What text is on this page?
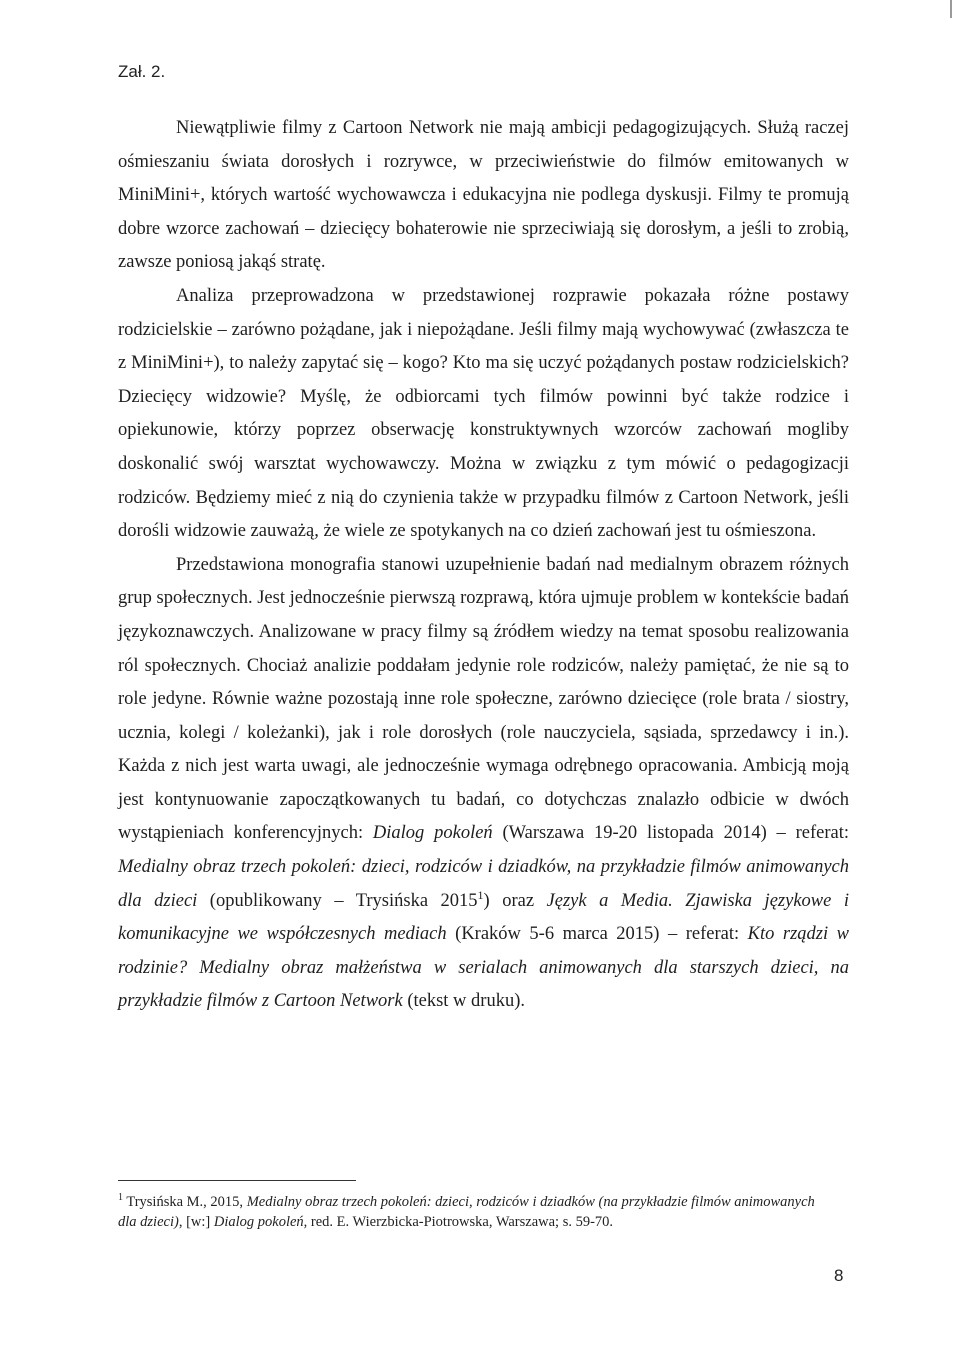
Zał. 2.

Niewątpliwie filmy z Cartoon Network nie mają ambicji pedagogizujących. Służą raczej ośmieszaniu świata dorosłych i rozrywce, w przeciwieństwie do filmów emitowanych w MiniMini+, których wartość wychowawcza i edukacyjna nie podlega dyskusji. Filmy te promują dobre wzorce zachowań – dziecięcy bohaterowie nie sprzeciwiają się dorosłym, a jeśli to zrobią, zawsze poniosą jakąś stratę.

Analiza przeprowadzona w przedstawionej rozprawie pokazała różne postawy rodzicielskie – zarówno pożądane, jak i niepożądane. Jeśli filmy mają wychowywać (zwłaszcza te z MiniMini+), to należy zapytać się – kogo? Kto ma się uczyć pożądanych postaw rodzicielskich? Dziecięcy widzowie? Myślę, że odbiorcami tych filmów powinni być także rodzice i opiekunowie, którzy poprzez obserwację konstruktywnych wzorców zachowań mogliby doskonalić swój warsztat wychowawczy. Można w związku z tym mówić o pedagogizacji rodziców. Będziemy mieć z nią do czynienia także w przypadku filmów z Cartoon Network, jeśli dorośli widzowie zauważą, że wiele ze spotykanych na co dzień zachowań jest tu ośmieszona.

Przedstawiona monografia stanowi uzupełnienie badań nad medialnym obrazem różnych grup społecznych. Jest jednocześnie pierwszą rozprawą, która ujmuje problem w kontekście badań językoznawczych. Analizowane w pracy filmy są źródłem wiedzy na temat sposobu realizowania ról społecznych. Chociaż analizie poddałam jedynie role rodziców, należy pamiętać, że nie są to role jedyne. Równie ważne pozostają inne role społeczne, zarówno dziecięce (role brata / siostry, ucznia, kolegi / koleżanki), jak i role dorosłych (role nauczyciela, sąsiada, sprzedawcy i in.). Każda z nich jest warta uwagi, ale jednocześnie wymaga odrębnego opracowania. Ambicją moją jest kontynuowanie zapoczątkowanych tu badań, co dotychczas znalazło odbicie w dwóch wystąpieniach konferencyjnych: Dialog pokoleń (Warszawa 19-20 listopada 2014) – referat: Medialny obraz trzech pokoleń: dzieci, rodziców i dziadków, na przykładzie filmów animowanych dla dzieci (opublikowany – Trysińska 2015$^1$) oraz Język a Media. Zjawiska językowe i komunikacyjne we współczesnych mediach (Kraków 5-6 marca 2015) – referat: Kto rządzi w rodzinie? Medialny obraz małżeństwa w serialach animowanych dla starszych dzieci, na przykładzie filmów z Cartoon Network (tekst w druku).

$^1$ Trysińska M., 2015, Medialny obraz trzech pokoleń: dzieci, rodziców i dziadków (na przykładzie filmów animowanych dla dzieci), [w:] Dialog pokoleń, red. E. Wierzbicka-Piotrowska, Warszawa; s. 59-70.
8
